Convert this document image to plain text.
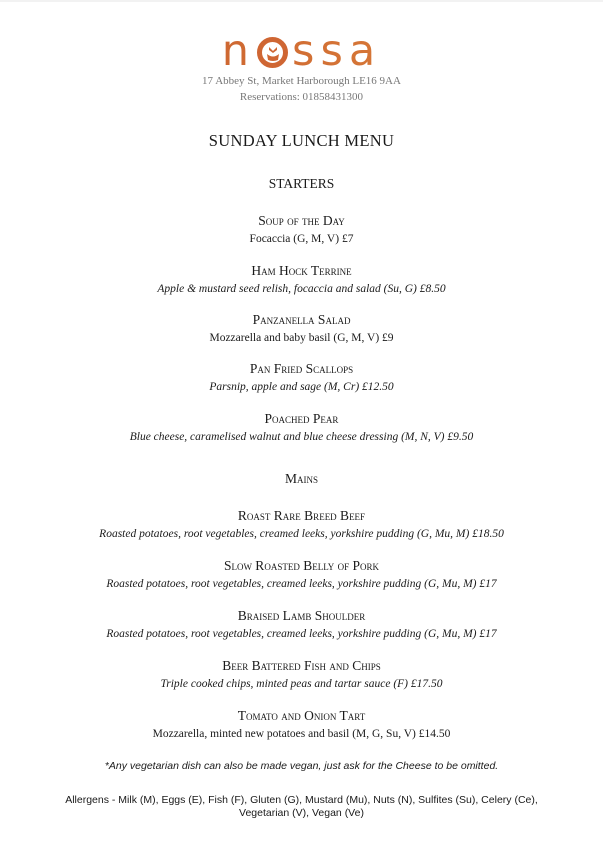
n ssa
17 Abbey St, Market Harborough LE16 9AA
Reservations: 01858431300
SUNDAY LUNCH MENU
STARTERS
Soup of the Day
Focaccia (G, M, V) £7
Ham Hock Terrine
Apple & mustard seed relish, focaccia and salad (Su, G) £8.50
Panzanella Salad
Mozzarella and baby basil (G, M, V) £9
Pan Fried Scallops
Parsnip, apple and sage (M, Cr) £12.50
Poached Pear
Blue cheese, caramelised walnut and blue cheese dressing (M, N, V) £9.50
Mains
Roast Rare Breed Beef
Roasted potatoes, root vegetables, creamed leeks, yorkshire pudding (G, Mu, M) £18.50
Slow Roasted Belly of Pork
Roasted potatoes, root vegetables, creamed leeks, yorkshire pudding (G, Mu, M) £17
Braised Lamb Shoulder
Roasted potatoes, root vegetables, creamed leeks, yorkshire pudding (G, Mu, M) £17
Beer Battered Fish and Chips
Triple cooked chips, minted peas and tartar sauce (F) £17.50
Tomato and Onion Tart
Mozzarella, minted new potatoes and basil (M, G, Su, V) £14.50
*Any vegetarian dish can also be made vegan, just ask for the Cheese to be omitted.
Allergens - Milk (M), Eggs (E), Fish (F), Gluten (G), Mustard (Mu), Nuts (N), Sulfites (Su), Celery (Ce), Vegetarian (V), Vegan (Ve)
